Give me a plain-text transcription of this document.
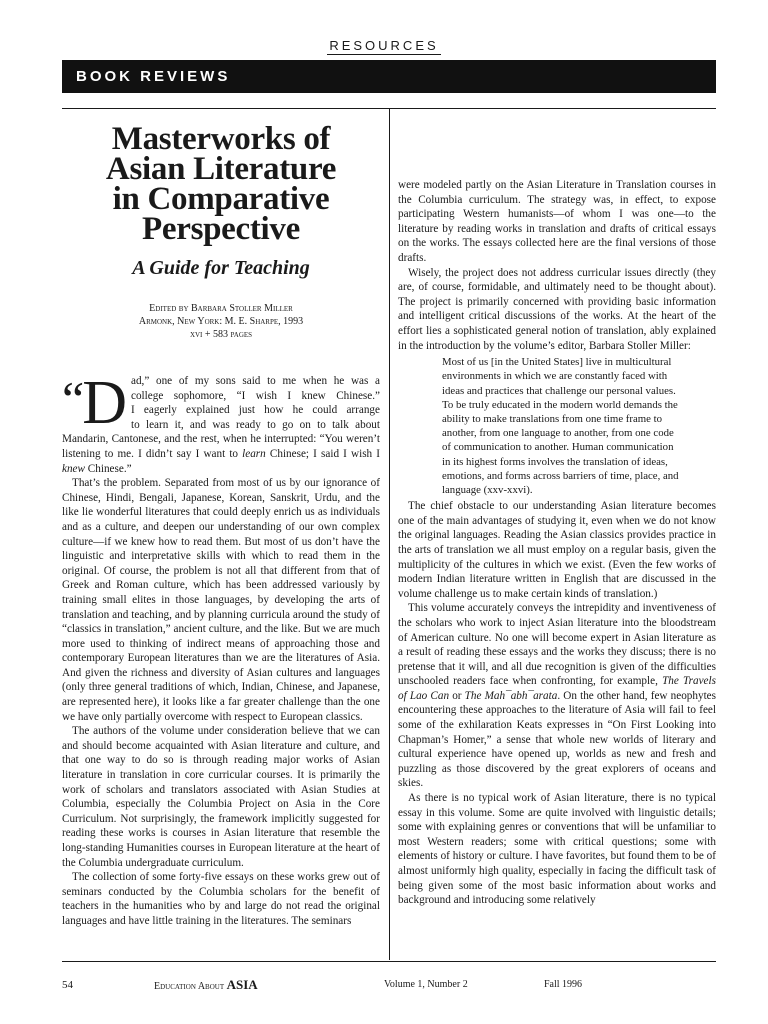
RESOURCES
BOOK REVIEWS
Masterworks of
Asian Literature
in Comparative
Perspective
A Guide for Teaching
Edited by Barbara Stoller Miller
Armonk, New York: M. E. Sharpe, 1993
xvi + 583 pages

“ D ad,” one of my sons said to me when he was a
college sophomore, “I wish I knew Chinese.”
I eagerly explained just how he could arrange
to learn it, and was ready to go on to talk about
Mandarin, Cantonese, and the rest, when he interrupted: “You weren’t listening to me. I didn’t say I want to learn Chinese; I said I wish I knew Chinese.”

That’s the problem. Separated from most of us by our ignorance of Chinese, Hindi, Bengali, Japanese, Korean, Sanskrit, Urdu, and the like lie wonderful literatures that could deeply enrich us as individuals and as a culture, and deepen our understanding of our own complex culture—if we knew how to read them. But most of us don’t have the linguistic and interpretative skills with which to read them in the original. Of course, the problem is not all that different from that of Greek and Roman culture, which has been addressed variously by training small elites in those languages, by developing the arts of translation and teaching, and by planning curricula around the study of “classics in translation,” ancient culture, and the like. But we are much more used to thinking of indirect means of approaching those and contemporary European literatures than we are the literatures of Asia. And given the richness and diversity of Asian cultures and languages (only three general traditions of which, Indian, Chinese, and Japanese, are represented here), it looks like a far greater challenge than the one we have only partially overcome with respect to European classics.

The authors of the volume under consideration believe that we can and should become acquainted with Asian literature and culture, and that one way to do so is through reading major works of Asian literature in translation in core curricular courses. It is primarily the work of scholars and translators associated with Asian Studies at Columbia, especially the Columbia Project on Asia in the Core Curriculum. Not surprisingly, the framework implicitly suggested for reading these works is courses in Asian literature that resemble the long-standing Humanities courses in European literature at the heart of the Columbia undergraduate curriculum.

The collection of some forty-five essays on these works grew out of seminars conducted by the Columbia scholars for the benefit of teachers in the humanities who by and large do not read the original languages and have little training in the literatures. The seminars

were modeled partly on the Asian Literature in Translation courses in the Columbia curriculum. The strategy was, in effect, to expose participating Western humanists—of whom I was one—to the literature by reading works in translation and drafts of critical essays on the works. The essays collected here are the final versions of those drafts.

Wisely, the project does not address curricular issues directly (they are, of course, formidable, and ultimately need to be thought about). The project is primarily concerned with providing basic information and intelligent critical discussions of the works. At the heart of the effort lies a sophisticated general notion of translation, ably explained in the introduction by the volume’s editor, Barbara Stoller Miller:

Most of us [in the United States] live in multicultural environments in which we are constantly faced with ideas and practices that challenge our personal values. To be truly educated in the modern world demands the ability to make translations from one time frame to another, from one language to another, from one code of communication to another. Human communication in its highest forms involves the translation of ideas, emotions, and forms across barriers of time, place, and language (xxv-xxvi).

The chief obstacle to our understanding Asian literature becomes one of the main advantages of studying it, even when we do not know the original languages. Reading the Asian classics provides practice in the arts of translation we all must employ on a regular basis, given the multiplicity of the cultures in which we exist. (Even the few works of modern Indian literature written in English that are discussed in the volume challenge us to make certain kinds of translation.)

This volume accurately conveys the intrepidity and inventiveness of the scholars who work to inject Asian literature into the bloodstream of American culture. No one will become expert in Asian literature as a result of reading these essays and the works they discuss; there is no pretense that it will, and all due recognition is given of the difficulties unschooled readers face when confronting, for example, The Travels of Lao Can or The Mah¯abh¯arata. On the other hand, few neophytes encountering these approaches to the literature of Asia will fail to feel some of the exhilaration Keats expresses in “On First Looking into Chapman’s Homer,” a sense that whole new worlds of literary and cultural experience have opened up, worlds as new and fresh and puzzling as those discovered by the great explorers of oceans and skies.

As there is no typical work of Asian literature, there is no typical essay in this volume. Some are quite involved with linguistic details; some with explaining genres or conventions that will be unfamiliar to most Western readers; some with critical questions; some with elements of history or culture. I have favorites, but found them to be of almost uniformly high quality, especially in facing the difficult task of being given some of the most basic information about works and background and introducing some relatively

54	Education About ASIA	Volume 1, Number 2	Fall 1996
